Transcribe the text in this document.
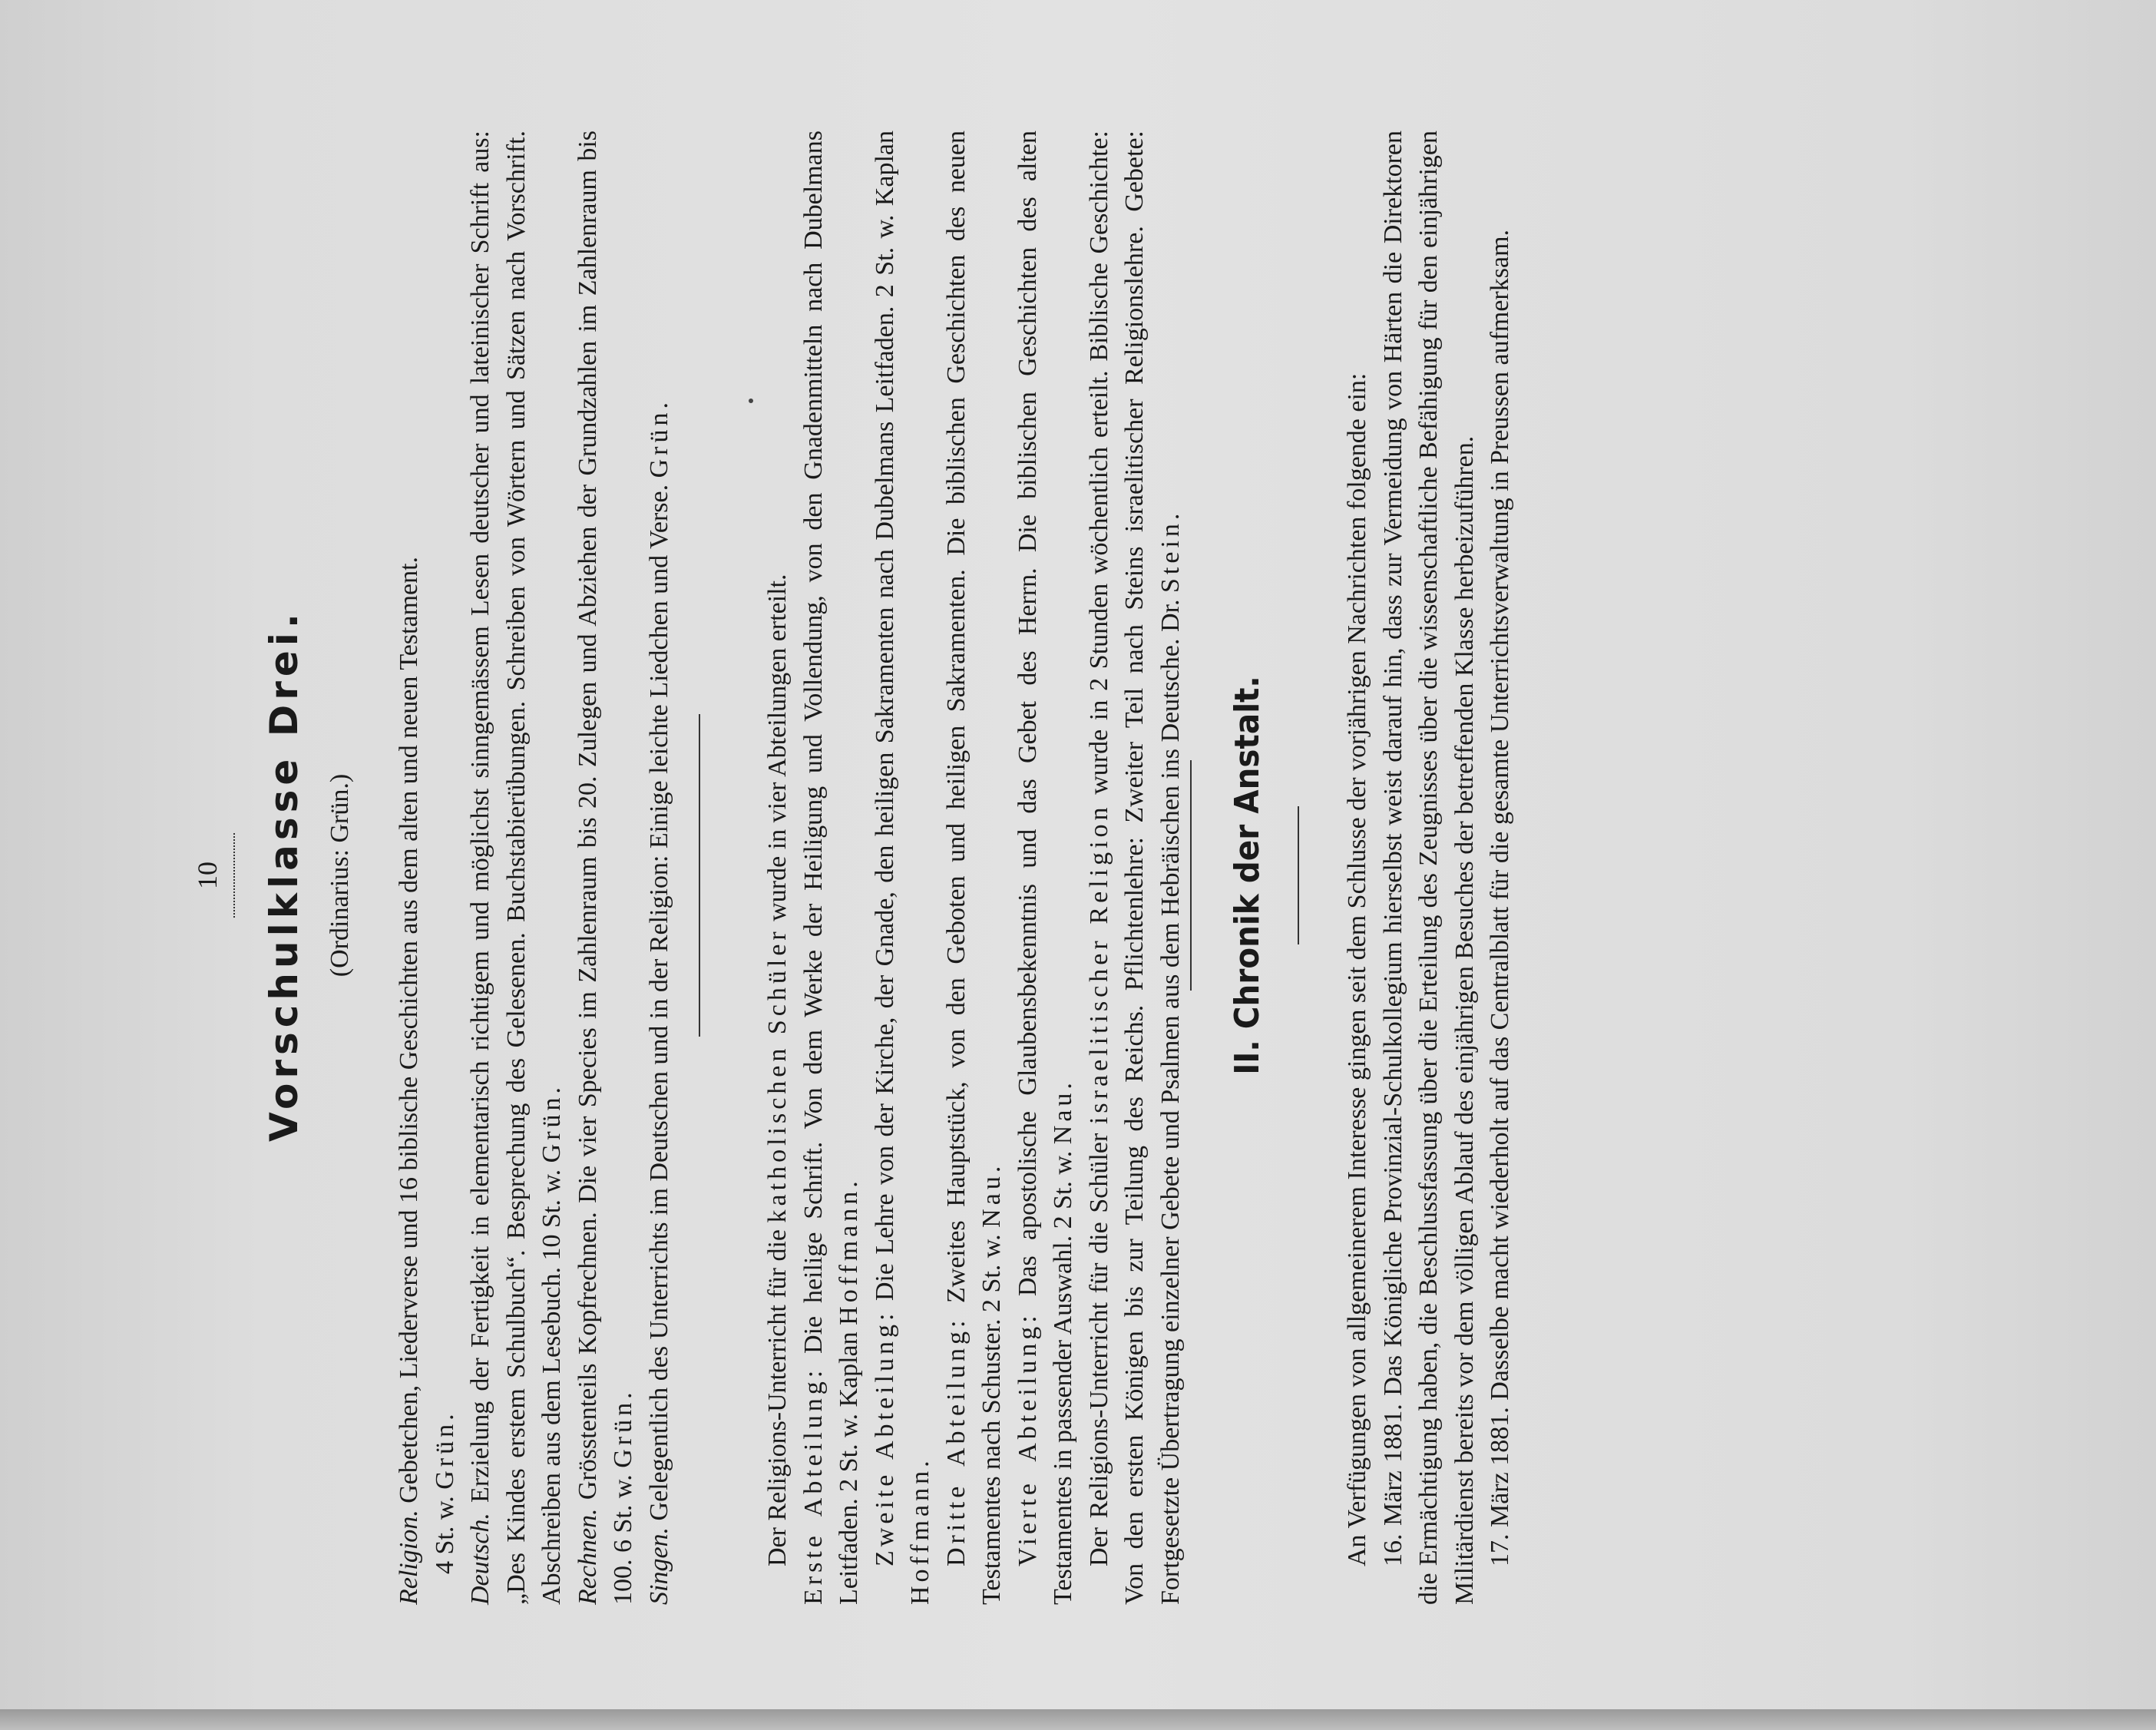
10 Vorschulklasse Drei. (Ordinarius: Grün.)
Religion. Gebetchen, Liederverse und 16 biblische Geschichten aus dem alten und neuen Testament.
4 St. w. Grün.
Deutsch. Erzielung der Fertigkeit in elementarisch richtigem und möglichst sinngemässem Lesen deutscher und lateinischer Schrift aus: „Des Kindes erstem Schulbuch“. Besprechung des Gelesenen. Buchstabierübungen. Schreiben von Wörtern und Sätzen nach Vorschrift. Abschreiben aus dem Lesebuch. 10 St. w. Grün.
Rechnen. Grösstenteils Kopfrechnen. Die vier Species im Zahlenraum bis 20. Zulegen und Abziehen der Grundzahlen im Zahlenraum bis 100. 6 St. w. Grün.
Singen. Gelegentlich des Unterrichts im Deutschen und in der Religion: Einige leichte Liedchen und Verse. Grün.

Der Religions-Unterricht für die katholischen Schüler wurde in vier Abteilungen erteilt.

Erste Abteilung: Die heilige Schrift. Von dem Werke der Heiligung und Vollendung, von den Gnadenmitteln nach Dubelmans Leitfaden. 2 St. w. Kaplan Hoffmann.

Zweite Abteilung: Die Lehre von der Kirche, der Gnade, den heiligen Sakramenten nach Dubelmans Leitfaden. 2 St. w. Kaplan Hoffmann. Dritte Abteilung: Zweites Hauptstück, von den Geboten und heiligen Sakramenten. Die biblischen Geschichten des neuen Testamentes nach Schuster. 2 St. w. Nau.

Vierte Abteilung: Das apostolische Glaubensbekenntnis und das Gebet des Herrn. Die biblischen Geschichten des alten Testamentes in passender Auswahl. 2 St. w. Nau.

Der Religions-Unterricht für die Schüler israelitischer Religion wurde in 2 Stunden wöchentlich erteilt. Biblische Geschichte: Von den ersten Königen bis zur Teilung des Reichs. Pflichtenlehre: Zweiter Teil nach Steins israelitischer Religionslehre. Gebete: Fortgesetzte Übertragung einzelner Gebete und Psalmen aus dem Hebräischen ins Deutsche. Dr. Stein.

II. Chronik der Anstalt.	An Verfügungen von allgemeinerem Interesse gingen seit dem Schlusse der vorjährigen Nachrichten folgende ein: 16. März 1881. Das Königliche Provinzial-Schulkollegium hierselbst weist darauf hin, dass zur Vermeidung von Härten die Direktoren die Ermächtigung haben, die Beschlussfassung über die Erteilung des Zeugnisses über die wissenschaftliche Befähigung für den einjährigen Militärdienst bereits vor dem völligen Ablauf des einjährigen Besuches der betreffenden Klasse herbeizuführen. 17. März 1881. Dasselbe macht wiederholt auf das Centralblatt für die gesamte Unterrichtsverwaltung in Preussen aufmerksam.
